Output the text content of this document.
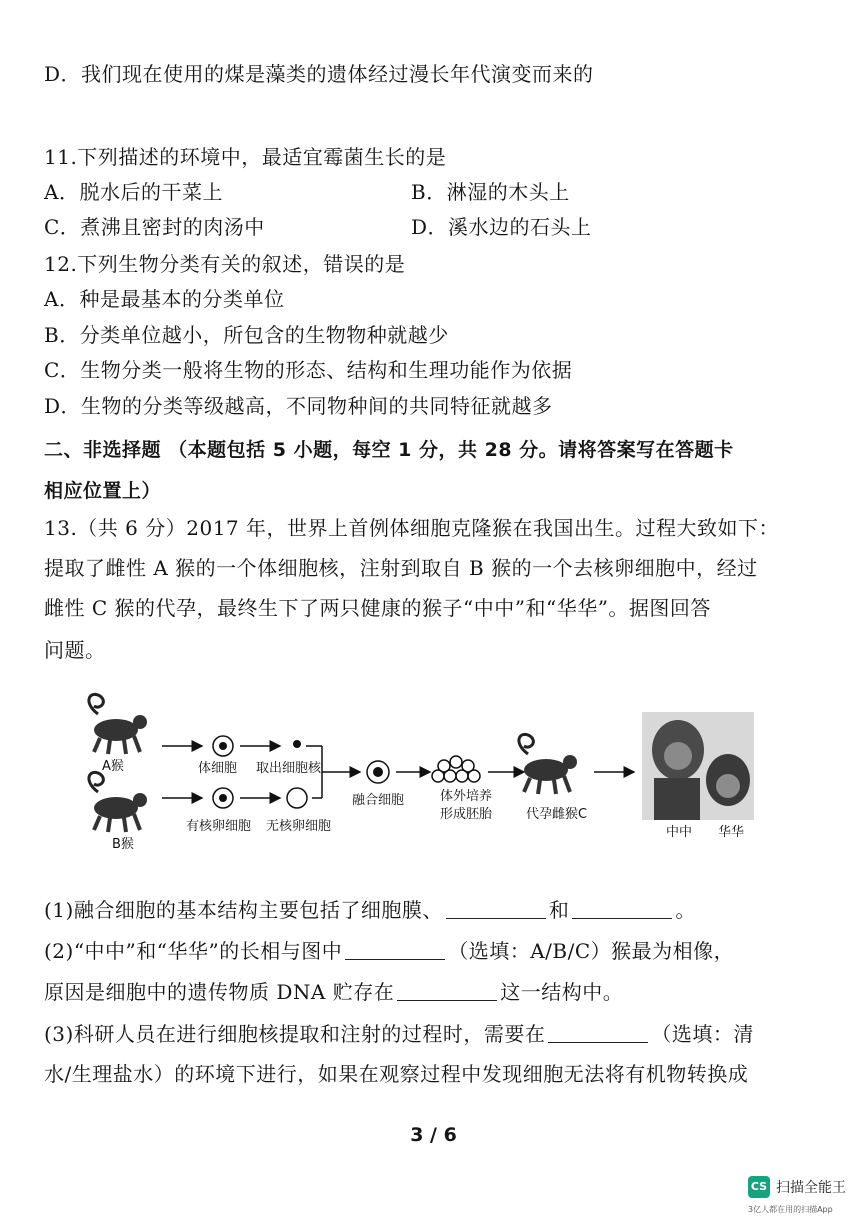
D．我们现在使用的煤是藻类的遗体经过漫长年代演变而来的
11.下列描述的环境中，最适宜霉菌生长的是
A．脱水后的干菜上	B．淋湿的木头上
C．煮沸且密封的肉汤中	D．溪水边的石头上
12.下列生物分类有关的叙述，错误的是
A．种是最基本的分类单位
B．分类单位越小，所包含的生物物种就越少
C．生物分类一般将生物的形态、结构和生理功能作为依据
D．生物的分类等级越高，不同物种间的共同特征就越多
二、非选择题 （本题包括 5 小题，每空 1 分，共 28 分。请将答案写在答题卡
相应位置上）
13.（共 6 分）2017 年，世界上首例体细胞克隆猴在我国出生。过程大致如下：
提取了雌性 A 猴的一个体细胞核，注射到取自 B 猴的一个去核卵细胞中，经过
雌性 C 猴的代孕，最终生下了两只健康的猴子“中中”和“华华”。据图回答
问题。
A猴
B猴
体细胞 取出细胞核
有核卵细胞 无核卵细胞
融合细胞	体外培养
形成胚胎	代孕雌猴C
中中 华华
(1)融合细胞的基本结构主要包括了细胞膜、	和	。
(2)“中中”和“华华”的长相与图中	（选填：A/B/C）猴最为相像，
原因是细胞中的遗传物质 DNA 贮存在	这一结构中。
(3)科研人员在进行细胞核提取和注射的过程时，需要在	（选填：清
水/生理盐水）的环境下进行，如果在观察过程中发现细胞无法将有机物转换成
3 / 6
CS 扫描全能王
3亿人都在用的扫描App
